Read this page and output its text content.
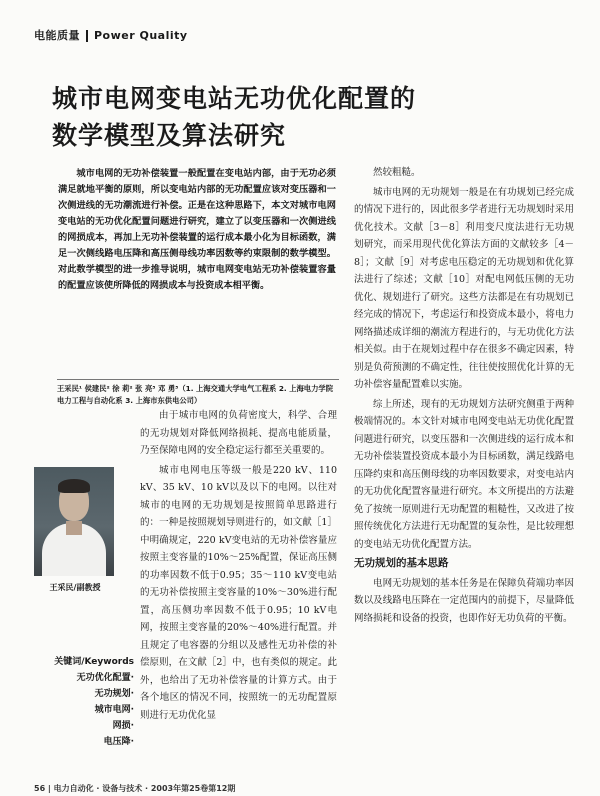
电能质量 Power Quality
城市电网变电站无功优化配置的
数学模型及算法研究
城市电网的无功补偿装置一般配置在变电站内部，由于无功必须满足就地平衡的原则，所以变电站内部的无功配置应该对变压器和一次侧进线的无功潮流进行补偿。正是在这种思路下，本文对城市电网变电站的无功优化配置问题进行研究，建立了以变压器和一次侧进线的网损成本，再加上无功补偿装置的运行成本最小化为目标函数，满足一次侧线路电压降和高压侧母线功率因数等约束限制的数学模型。对此数学模型的进一步推导说明，城市电网变电站无功补偿装置容量的配置应该使所降低的网损成本与投资成本相平衡。
王采民¹ 侯建民² 徐 莉² 张 亮³ 邓 勇³（1. 上海交通大学电气工程系 2. 上海电力学院电力工程与自动化系 3. 上海市东供电公司）
王采民/副教授
关键词/Keywords
无功优化配置·
无功规划·
城市电网·
网损·
电压降·

由于城市电网的负荷密度大，科学、合理的无功规划对降低网络损耗、提高电能质量，乃至保障电网的安全稳定运行都至关重要的。

城市电网电压等级一般是220 kV、110 kV、35 kV、10 kV以及以下的电网。以往对城市的电网的无功规划是按照简单思路进行的：一种是按照规划导则进行的，如文献［1］中明确规定，220 kV变电站的无功补偿容量应按照主变容量的10%～25%配置，保证高压侧的功率因数不低于0.95；35～110 kV变电站的无功补偿按照主变容量的10%～30%进行配置，高压侧功率因数不低于0.95；10 kV电网，按照主变容量的20%～40%进行配置。并且规定了电容器的分组以及感性无功补偿的补偿原则，在文献［2］中，也有类似的规定。此外，也给出了无功补偿容量的计算方式。由于各个地区的情况不同，按照统一的无功配置原则进行无功优化显

然较粗糙。

城市电网的无功规划一般是在有功规划已经完成的情况下进行的，因此很多学者进行无功规划时采用优化技术。文献［3－8］利用变尺度法进行无功规划研究，而采用现代优化算法方面的文献较多［4－8］；文献［9］对考虑电压稳定的无功规划和优化算法进行了综述；文献［10］对配电网低压侧的无功优化、规划进行了研究。这些方法都是在有功规划已经完成的情况下，考虑运行和投资成本最小，将电力网络描述成详细的潮流方程进行的，与无功优化方法相关似。由于在规划过程中存在很多不确定因素，特别是负荷预测的不确定性，往往使按照优化计算的无功补偿容量配置难以实施。

综上所述，现有的无功规划方法研究侧重于两种极端情况的。本文针对城市电网变电站无功优化配置问题进行研究，以变压器和一次侧进线的运行成本和无功补偿装置投资成本最小为目标函数，满足线路电压降约束和高压侧母线的功率因数要求，对变电站内的无功优化配置容量进行研究。本文所提出的方法避免了按统一原则进行无功配置的粗糙性，又改进了按照传统优化方法进行无功配置的复杂性，是比较理想的变电站无功优化配置方法。

无功规划的基本思路

电网无功规划的基本任务是在保障负荷端功率因数以及线路电压降在一定范围内的前提下，尽量降低网络损耗和设备的投资，也即作好无功负荷的平衡。

56 | 电力自动化 · 设备与技术 · 2003年第25卷第12期
